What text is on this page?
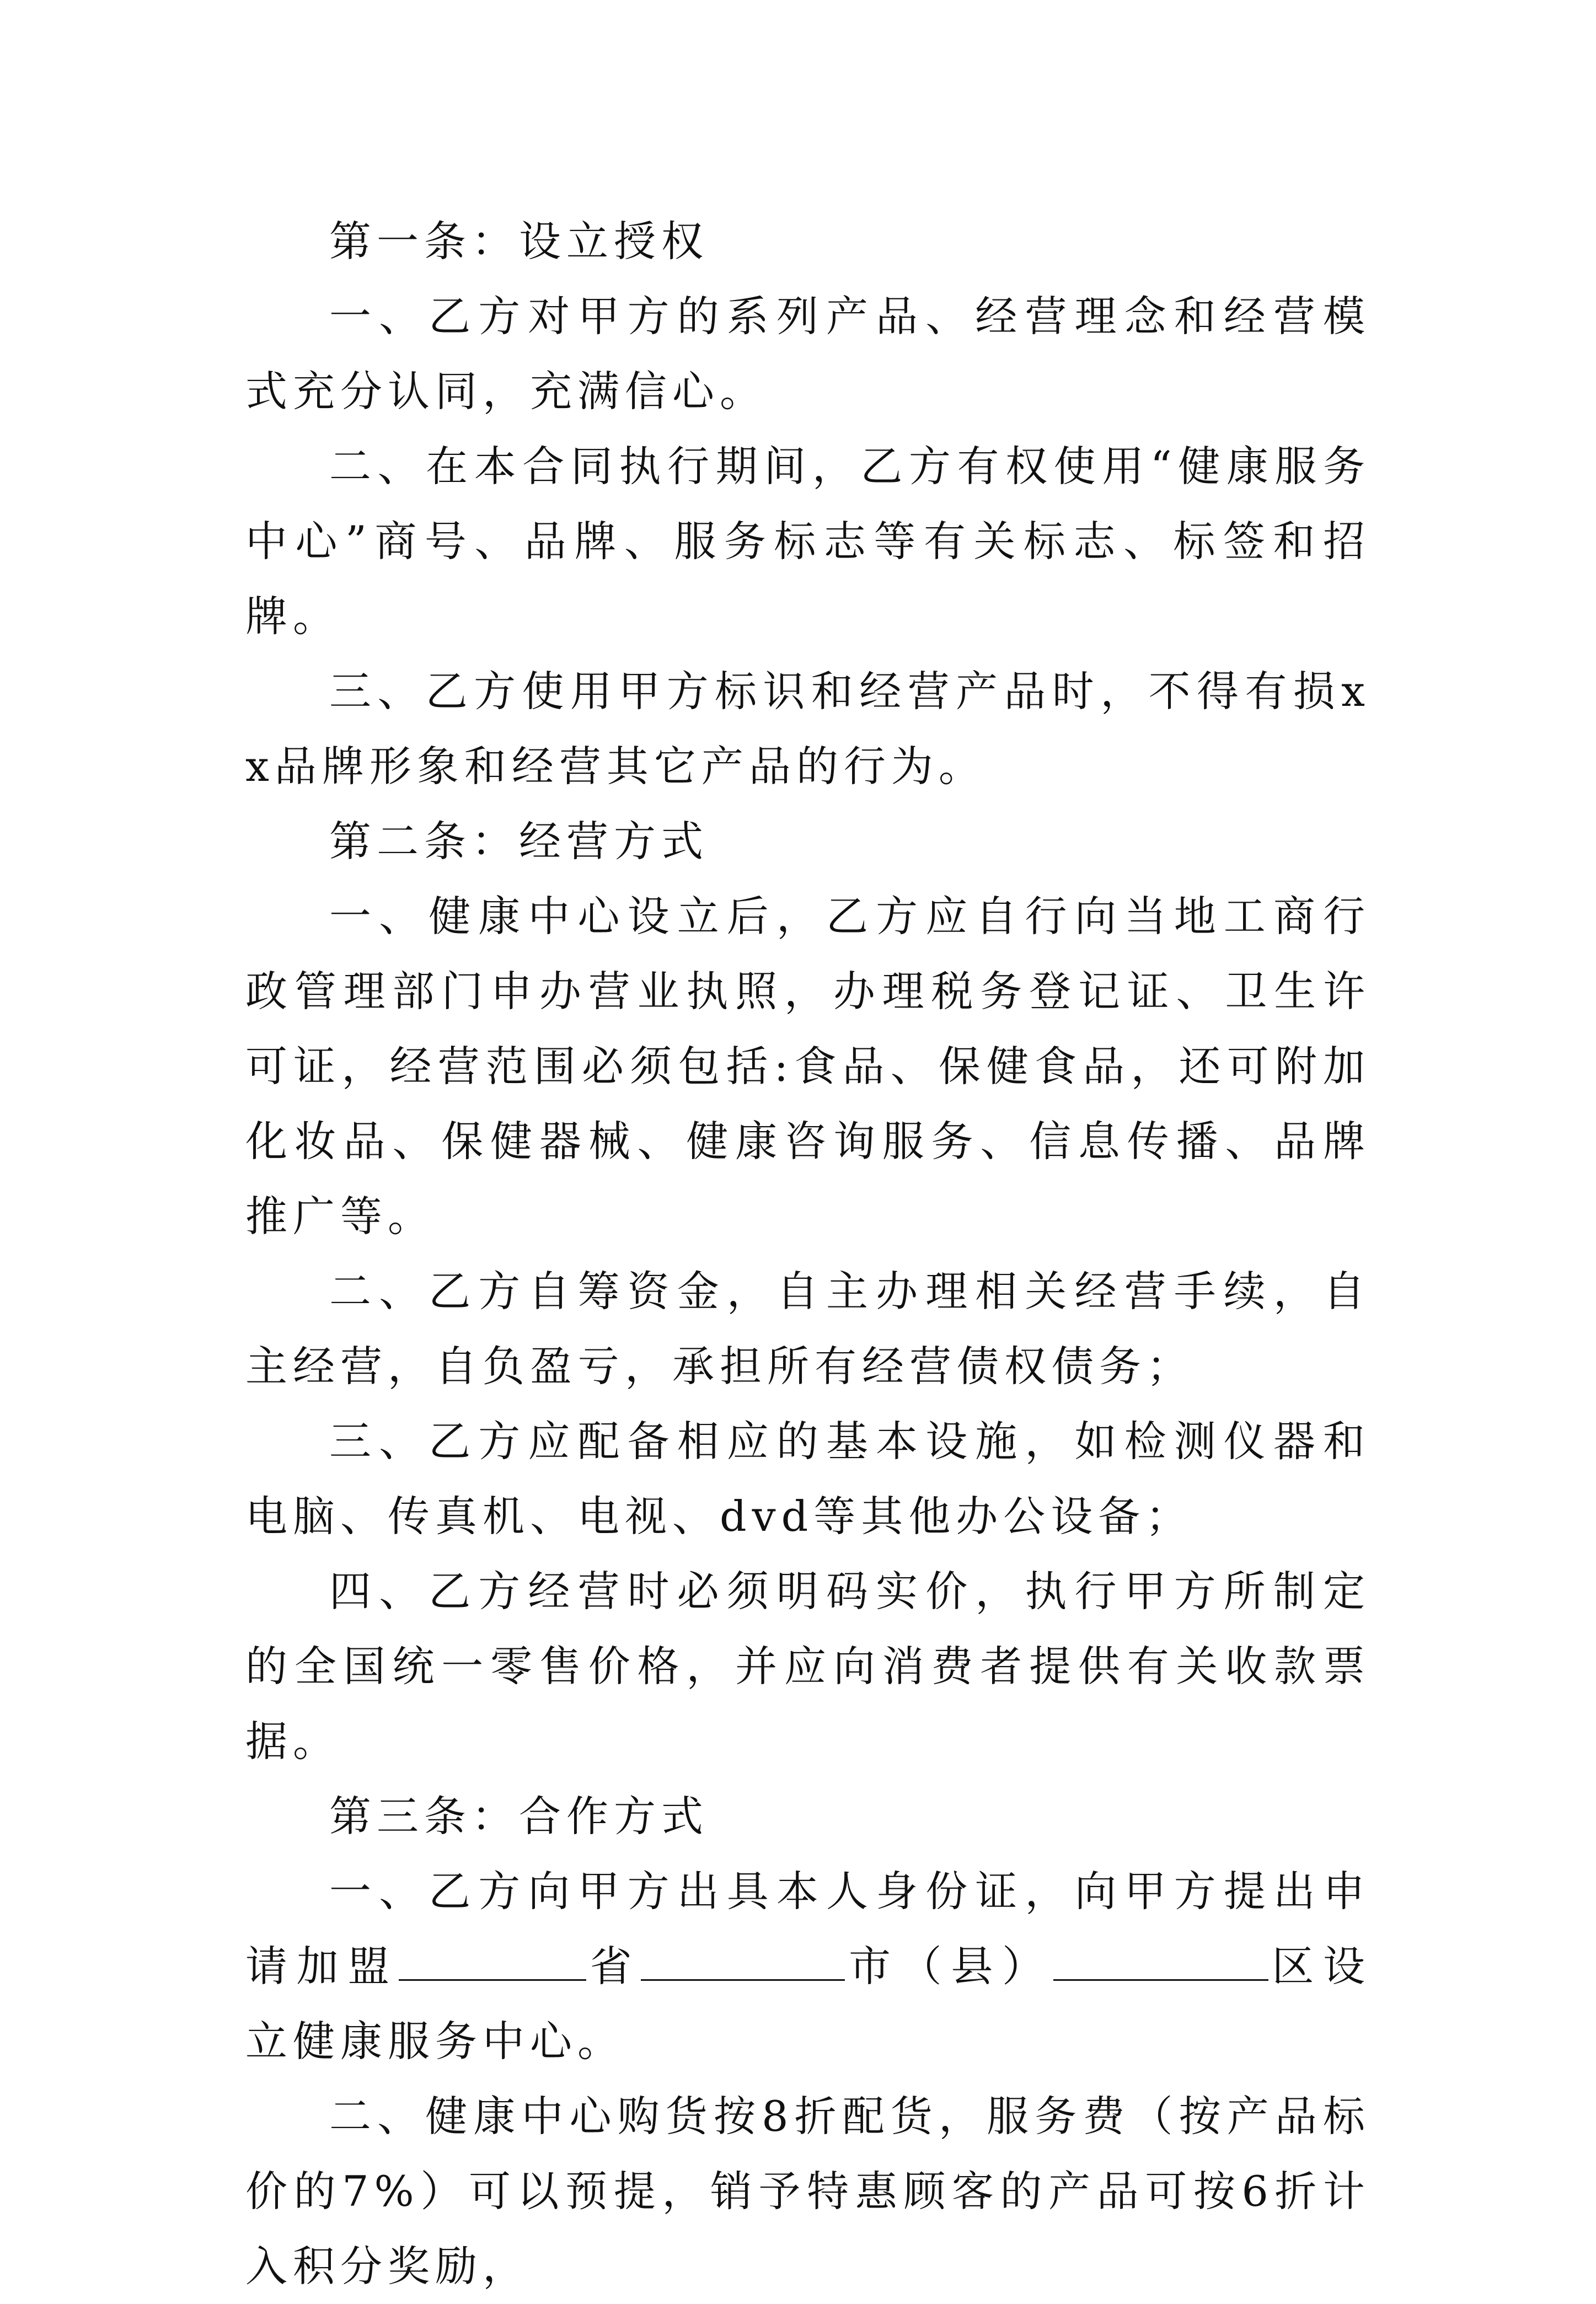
第一条：设立授权

一、乙方对甲方的系列产品、经营理念和经营模式充分认同，充满信心。

二、在本合同执行期间，乙方有权使用“健康服务中心”商号、品牌、服务标志等有关标志、标签和招牌。

三、乙方使用甲方标识和经营产品时，不得有损xx品牌形象和经营其它产品的行为。

第二条：经营方式

一、健康中心设立后，乙方应自行向当地工商行政管理部门申办营业执照，办理税务登记证、卫生许可证，经营范围必须包括:食品、保健食品，还可附加化妆品、保健器械、健康咨询服务、信息传播、品牌推广等。

二、乙方自筹资金，自主办理相关经营手续，自主经营，自负盈亏，承担所有经营债权债务；

三、乙方应配备相应的基本设施，如检测仪器和电脑、传真机、电视、dvd等其他办公设备；

四、乙方经营时必须明码实价，执行甲方所制定的全国统一零售价格，并应向消费者提供有关收款票据。

第三条：合作方式

一、乙方向甲方出具本人身份证，向甲方提出申请加盟	省	市（县）	区设立健康服务中心。

二、健康中心购货按8折配货，服务费（按产品标价的7%）可以预提，销予特惠顾客的产品可按6折计入积分奖励，
